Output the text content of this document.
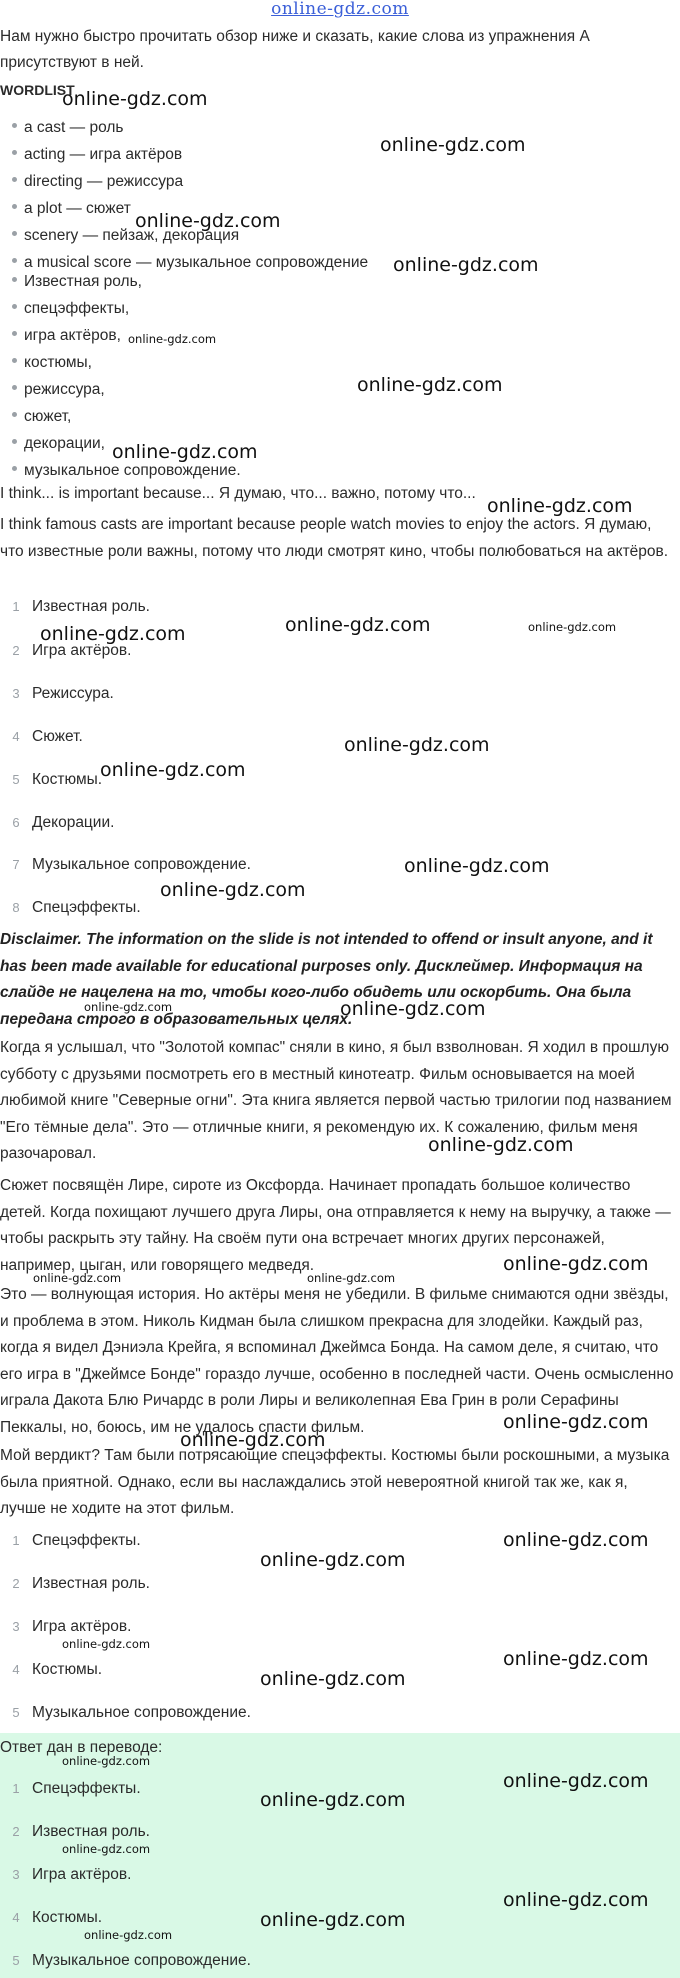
online-gdz.com

Нам нужно быстро прочитать обзор ниже и сказать, какие слова из упражнения А присутствуют в ней.

WORDLIST
a cast — роль
acting — игра актёров
directing — режиссура
a plot — сюжет
scenery — пейзаж, декорация
a musical score — музыкальное сопровождение
Известная роль,
спецэффекты,
игра актёров,
костюмы,
режиссура,
сюжет,
декорации,
музыкальное сопровождение.

I think... is important because... Я думаю, что... важно, потому что...

I think famous casts are important because people watch movies to enjoy the actors. Я думаю, что известные роли важны, потому что люди смотрят кино, чтобы полюбоваться на актёров.

1 Известная роль.
2 Игра актёров.
3 Режиссура.
4 Сюжет.
5 Костюмы.
6 Декорации.
7 Музыкальное сопровождение.
8 Спецэффекты.

Disclaimer. The information on the slide is not intended to offend or insult anyone, and it has been made available for educational purposes only. Дисклеймер. Информация на слайде не нацелена на то, чтобы кого-либо обидеть или оскорбить. Она была передана строго в образовательных целях.

Когда я услышал, что "Золотой компас" сняли в кино, я был взволнован. Я ходил в прошлую субботу с друзьями посмотреть его в местный кинотеатр. Фильм основывается на моей любимой книге "Северные огни". Эта книга является первой частью трилогии под названием "Его тёмные дела". Это — отличные книги, я рекомендую их. К сожалению, фильм меня разочаровал.

Сюжет посвящён Лире, сироте из Оксфорда. Начинает пропадать большое количество детей. Когда похищают лучшего друга Лиры, она отправляется к нему на выручку, а также — чтобы раскрыть эту тайну. На своём пути она встречает многих других персонажей, например, цыган, или говорящего медведя.

Это — волнующая история. Но актёры меня не убедили. В фильме снимаются одни звёзды, и проблема в этом. Николь Кидман была слишком прекрасна для злодейки. Каждый раз, когда я видел Дэниэла Крейга, я вспоминал Джеймса Бонда. На самом деле, я считаю, что его игра в "Джеймсе Бонде" гораздо лучше, особенно в последней части. Очень осмысленно играла Дакота Блю Ричардс в роли Лиры и великолепная Ева Грин в роли Серафины Пеккалы, но, боюсь, им не удалось спасти фильм.

Мой вердикт? Там были потрясающие спецэффекты. Костюмы были роскошными, а музыка была приятной. Однако, если вы наслаждались этой невероятной книгой так же, как я, лучше не ходите на этот фильм.

1 Спецэффекты.
2 Известная роль.
3 Игра актёров.
4 Костюмы.
5 Музыкальное сопровождение.
Ответ дан в переводе:
1 Спецэффекты.
2 Известная роль.
3 Игра актёров.
4 Костюмы.
5 Музыкальное сопровождение.
online-gdz.com
online-gdz.com
online-gdz.com
online-gdz.com
online-gdz.com
online-gdz.com
online-gdz.com
online-gdz.com
online-gdz.com	online-gdz.com
online-gdz.com
online-gdz.com
online-gdz.com
online-gdz.com
online-gdz.com
online-gdz.com	online-gdz.com
online-gdz.com
online-gdz.com
online-gdz.com	online-gdz.com
online-gdz.com
online-gdz.com
online-gdz.com
online-gdz.com
online-gdz.com
online-gdz.com
online-gdz.com
online-gdz.com
online-gdz.com
online-gdz.com
online-gdz.com
online-gdz.com
online-gdz.com
online-gdz.com
